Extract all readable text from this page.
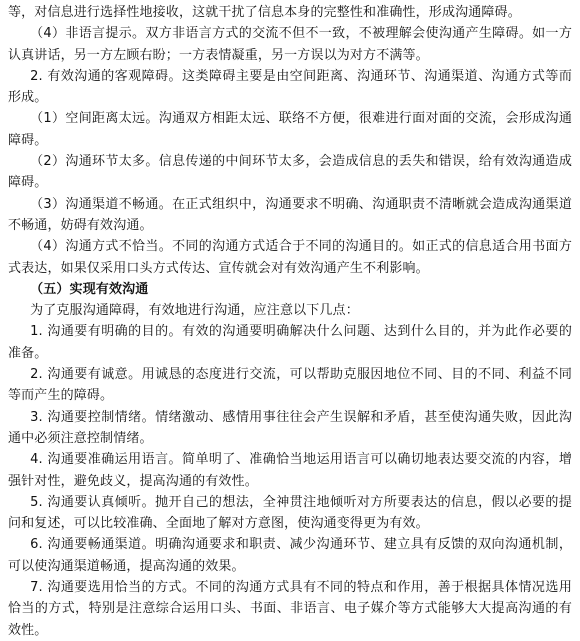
等，对信息进行选择性地接收，这就干扰了信息本身的完整性和准确性，形成沟通障碍。

（4）非语言提示。双方非语言方式的交流不但不一致，不被理解会使沟通产生障碍。如一方认真讲话，另一方左顾右盼；一方表情凝重，另一方误以为对方不满等。

2. 有效沟通的客观障碍。这类障碍主要是由空间距离、沟通环节、沟通渠道、沟通方式等而形成。

（1）空间距离太远。沟通双方相距太远、联络不方便，很难进行面对面的交流，会形成沟通障碍。

（2）沟通环节太多。信息传递的中间环节太多，会造成信息的丢失和错误，给有效沟通造成障碍。

（3）沟通渠道不畅通。在正式组织中，沟通要求不明确、沟通职责不清晰就会造成沟通渠道不畅通，妨碍有效沟通。

（4）沟通方式不恰当。不同的沟通方式适合于不同的沟通目的。如正式的信息适合用书面方式表达，如果仅采用口头方式传达、宣传就会对有效沟通产生不利影响。

（五）实现有效沟通

为了克服沟通障碍，有效地进行沟通，应注意以下几点：

1. 沟通要有明确的目的。有效的沟通要明确解决什么问题、达到什么目的，并为此作必要的准备。

2. 沟通要有诚意。用诚恳的态度进行交流，可以帮助克服因地位不同、目的不同、利益不同等而产生的障碍。

3. 沟通要控制情绪。情绪激动、感情用事往往会产生误解和矛盾，甚至使沟通失败，因此沟通中必须注意控制情绪。

4. 沟通要准确运用语言。简单明了、准确恰当地运用语言可以确切地表达要交流的内容，增强针对性，避免歧义，提高沟通的有效性。

5. 沟通要认真倾听。抛开自己的想法，全神贯注地倾听对方所要表达的信息，假以必要的提问和复述，可以比较准确、全面地了解对方意图，使沟通变得更为有效。

6. 沟通要畅通渠道。明确沟通要求和职责、减少沟通环节、建立具有反馈的双向沟通机制，可以使沟通渠道畅通，提高沟通的效果。

7. 沟通要选用恰当的方式。不同的沟通方式具有不同的特点和作用，善于根据具体情况选用恰当的方式，特别是注意综合运用口头、书面、非语言、电子媒介等方式能够大大提高沟通的有效性。
